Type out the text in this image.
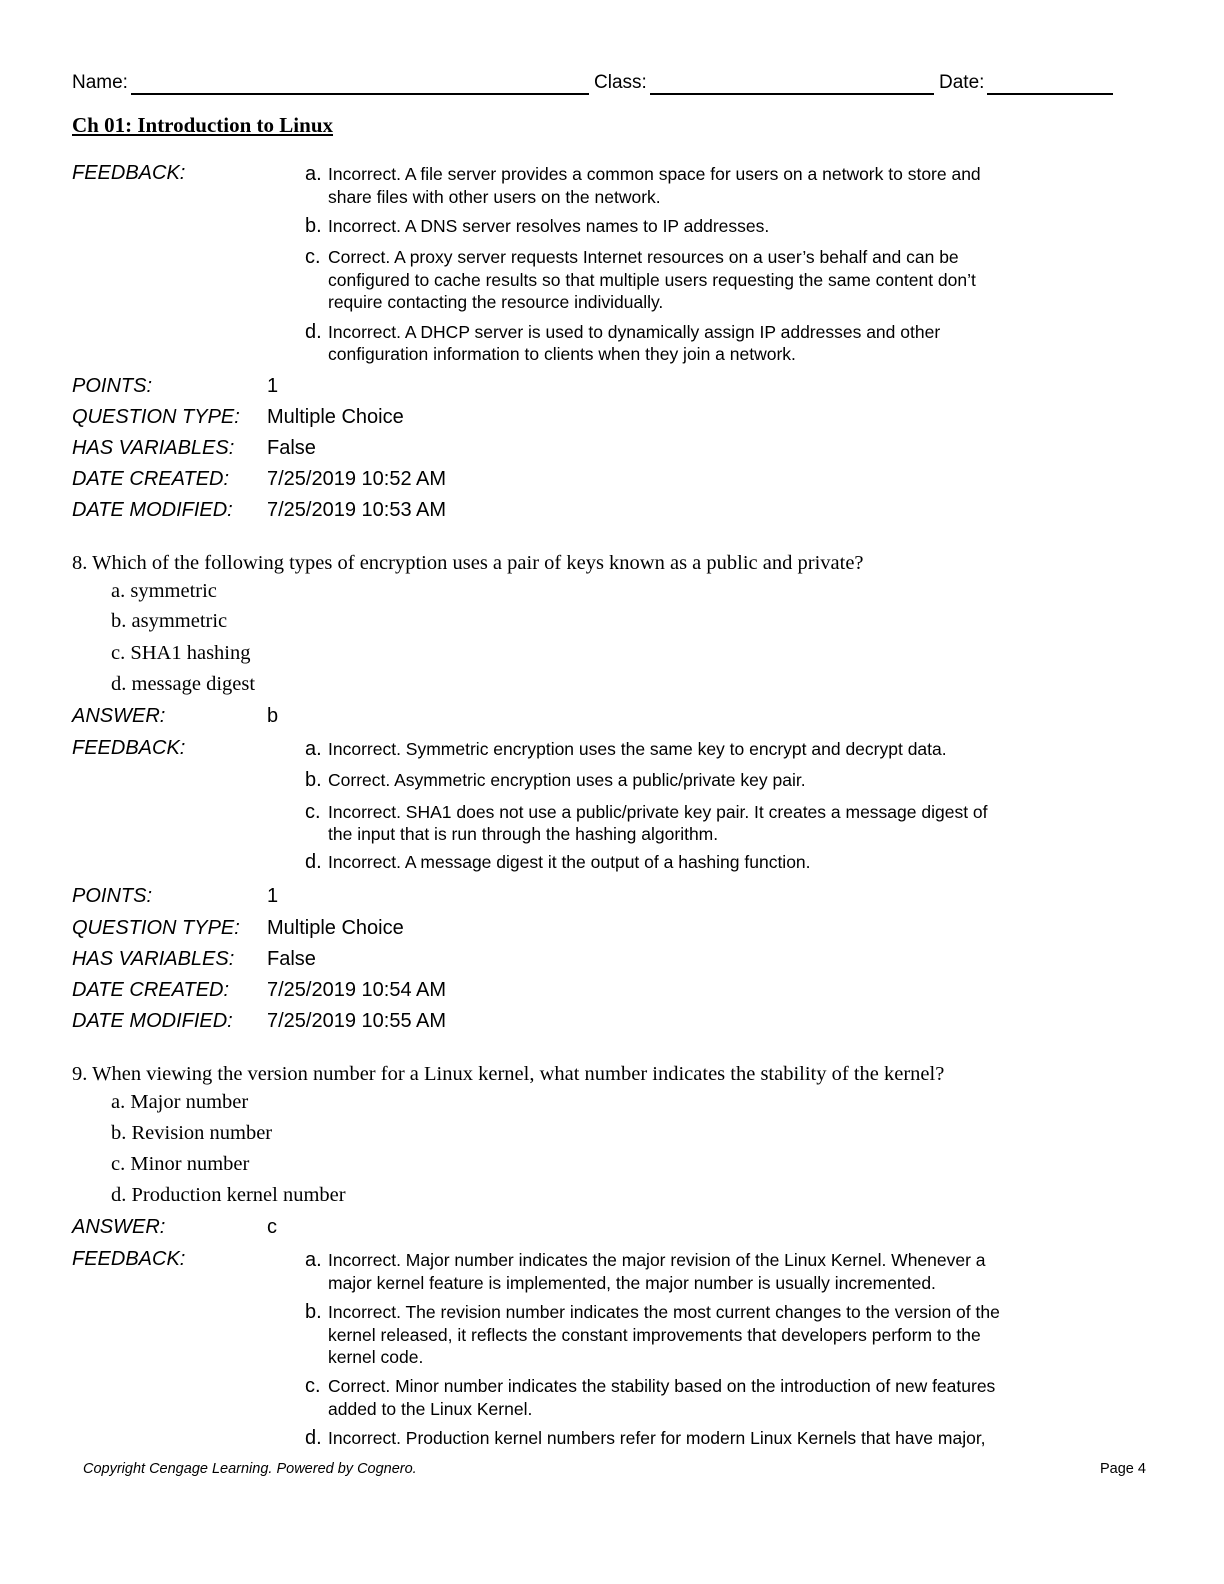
Name:	Class:	Date:
Ch 01: Introduction to Linux
FEEDBACK:	a. Incorrect. A file server provides a common space for users on a network to store and
share files with other users on the network.
b. Incorrect. A DNS server resolves names to IP addresses.
c. Correct. A proxy server requests Internet resources on a user’s behalf and can be
configured to cache results so that multiple users requesting the same content don’t
require contacting the resource individually.
d. Incorrect. A DHCP server is used to dynamically assign IP addresses and other
configuration information to clients when they join a network.
POINTS:	1
QUESTION TYPE: Multiple Choice
HAS VARIABLES: False
DATE CREATED: 7/25/2019 10:52 AM
DATE MODIFIED: 7/25/2019 10:53 AM
8. Which of the following types of encryption uses a pair of keys known as a public and private?
a. symmetric
b. asymmetric
c. SHA1 hashing
d. message digest
ANSWER:	b
FEEDBACK:	a. Incorrect. Symmetric encryption uses the same key to encrypt and decrypt data.
b. Correct. Asymmetric encryption uses a public/private key pair.
c. Incorrect. SHA1 does not use a public/private key pair. It creates a message digest of
the input that is run through the hashing algorithm.
d. Incorrect. A message digest it the output of a hashing function.
POINTS:	1
QUESTION TYPE: Multiple Choice
HAS VARIABLES: False
DATE CREATED: 7/25/2019 10:54 AM
DATE MODIFIED: 7/25/2019 10:55 AM
9. When viewing the version number for a Linux kernel, what number indicates the stability of the kernel?
a. Major number
b. Revision number
c. Minor number
d. Production kernel number
ANSWER:	c
FEEDBACK:	a. Incorrect. Major number indicates the major revision of the Linux Kernel. Whenever a
major kernel feature is implemented, the major number is usually incremented.
b. Incorrect. The revision number indicates the most current changes to the version of the
kernel released, it reflects the constant improvements that developers perform to the
kernel code.
c. Correct. Minor number indicates the stability based on the introduction of new features
added to the Linux Kernel.
d. Incorrect. Production kernel numbers refer for modern Linux Kernels that have major,
Copyright Cengage Learning. Powered by Cognero.	Page 4
